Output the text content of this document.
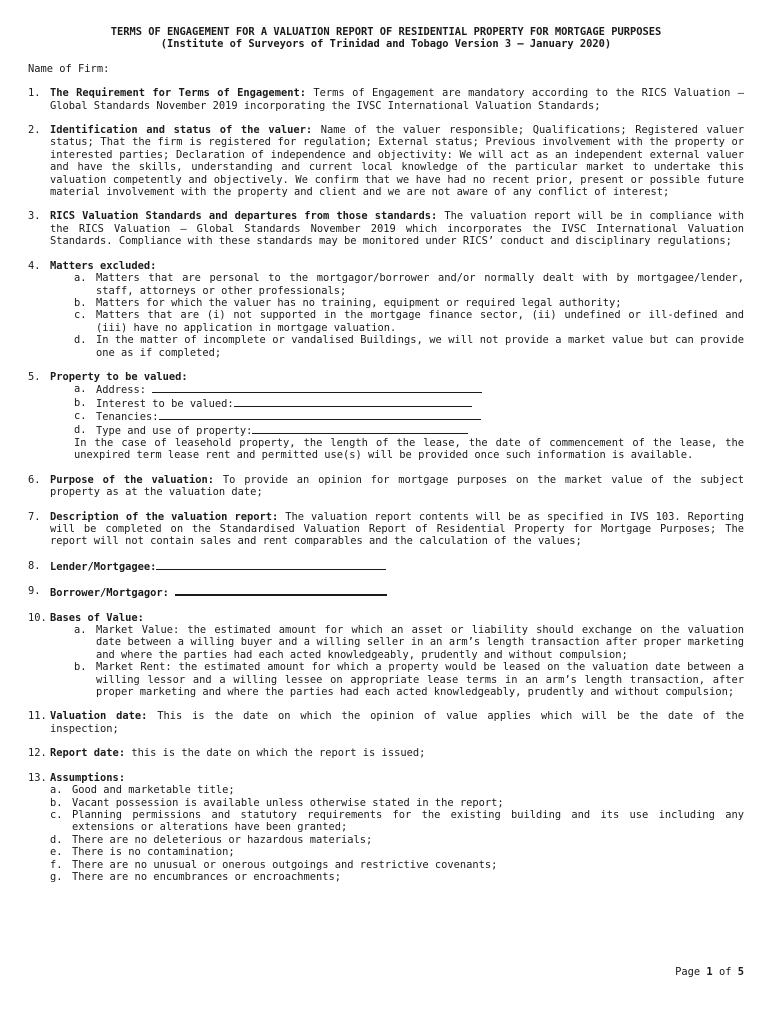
TERMS OF ENGAGEMENT FOR A VALUATION REPORT OF RESIDENTIAL PROPERTY FOR MORTGAGE PURPOSES
(Institute of Surveyors of Trinidad and Tobago Version 3 – January 2020)
Name of Firm:
1. The Requirement for Terms of Engagement: Terms of Engagement are mandatory according to the RICS Valuation – Global Standards November 2019 incorporating the IVSC International Valuation Standards;
2. Identification and status of the valuer: Name of the valuer responsible; Qualifications; Registered valuer status; That the firm is registered for regulation; External status; Previous involvement with the property or interested parties; Declaration of independence and objectivity: We will act as an independent external valuer and have the skills, understanding and current local knowledge of the particular market to undertake this valuation competently and objectively. We confirm that we have had no recent prior, present or possible future material involvement with the property and client and we are not aware of any conflict of interest;
3. RICS Valuation Standards and departures from those standards: The valuation report will be in compliance with the RICS Valuation – Global Standards November 2019 which incorporates the IVSC International Valuation Standards. Compliance with these standards may be monitored under RICS’ conduct and disciplinary regulations;
4. Matters excluded:
a. Matters that are personal to the mortgagor/borrower and/or normally dealt with by mortgagee/lender, staff, attorneys or other professionals;
b. Matters for which the valuer has no training, equipment or required legal authority;
c. Matters that are (i) not supported in the mortgage finance sector, (ii) undefined or ill-defined and (iii) have no application in mortgage valuation.
d. In the matter of incomplete or vandalised Buildings, we will not provide a market value but can provide one as if completed;
5. Property to be valued:
a. Address:
b. Interest to be valued:
c. Tenancies:
d. Type and use of property:
In the case of leasehold property, the length of the lease, the date of commencement of the lease, the unexpired term lease rent and permitted use(s) will be provided once such information is available.
6. Purpose of the valuation: To provide an opinion for mortgage purposes on the market value of the subject property as at the valuation date;
7. Description of the valuation report: The valuation report contents will be as specified in IVS 103. Reporting will be completed on the Standardised Valuation Report of Residential Property for Mortgage Purposes; The report will not contain sales and rent comparables and the calculation of the values;
8. Lender/Mortgagee:
9. Borrower/Mortgagor:
10. Bases of Value:
a. Market Value: the estimated amount for which an asset or liability should exchange on the valuation date between a willing buyer and a willing seller in an arm’s length transaction after proper marketing and where the parties had each acted knowledgeably, prudently and without compulsion;
b. Market Rent: the estimated amount for which a property would be leased on the valuation date between a willing lessor and a willing lessee on appropriate lease terms in an arm’s length transaction, after proper marketing and where the parties had each acted knowledgeably, prudently and without compulsion;
11. Valuation date: This is the date on which the opinion of value applies which will be the date of the inspection;
12. Report date: this is the date on which the report is issued;
13. Assumptions:
a. Good and marketable title;
b. Vacant possession is available unless otherwise stated in the report;
c. Planning permissions and statutory requirements for the existing building and its use including any extensions or alterations have been granted;
d. There are no deleterious or hazardous materials;
e. There is no contamination;
f. There are no unusual or onerous outgoings and restrictive covenants;
g. There are no encumbrances or encroachments;
Page 1 of 5
